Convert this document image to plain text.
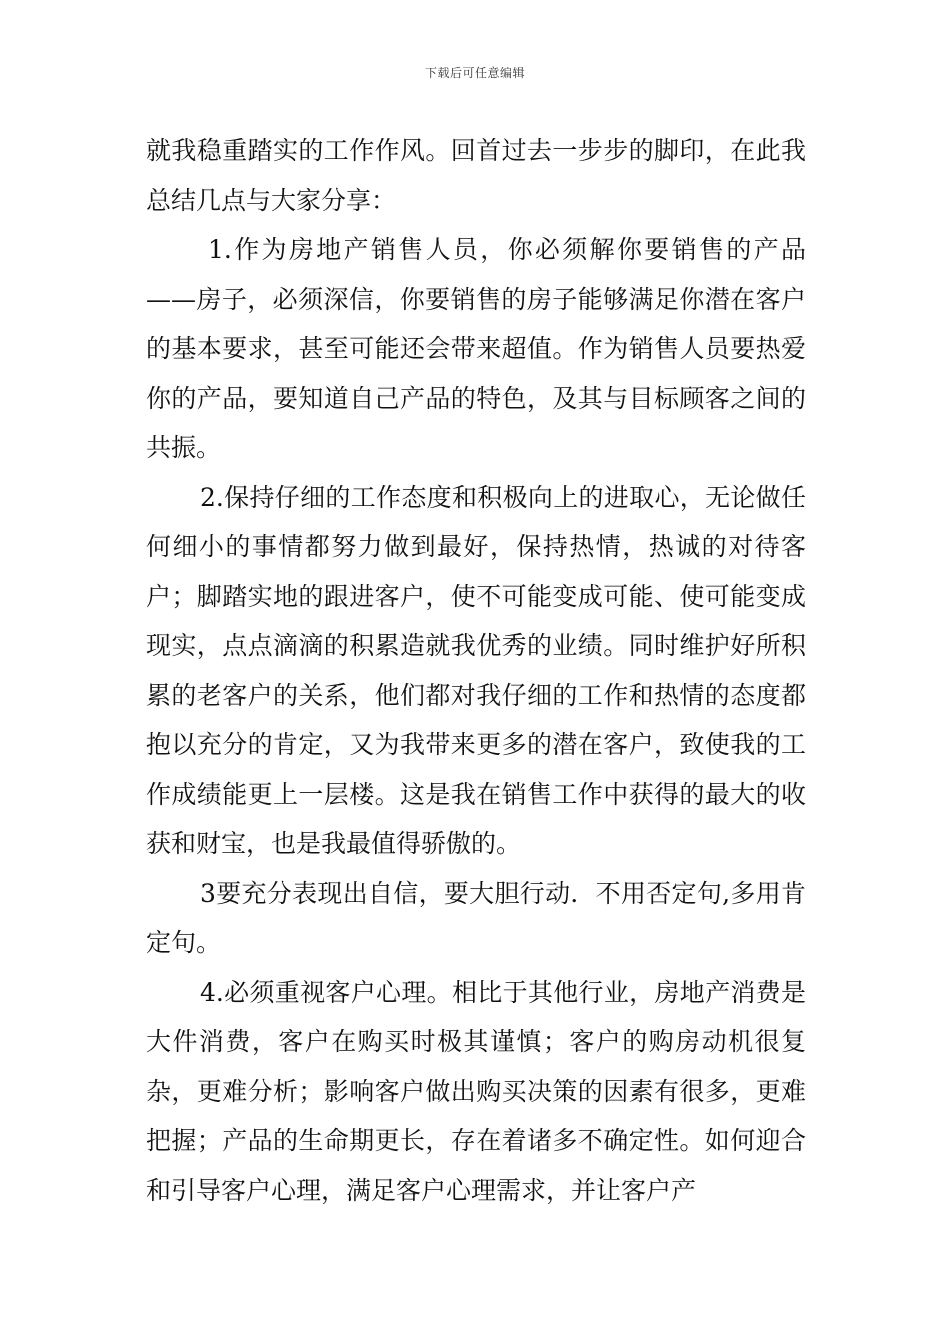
下载后可任意编辑

就我稳重踏实的工作作风。回首过去一步步的脚印，在此我总结几点与大家分享：

1.作为房地产销售人员，你必须解你要销售的产品——房子，必须深信，你要销售的房子能够满足你潜在客户的基本要求，甚至可能还会带来超值。作为销售人员要热爱你的产品，要知道自己产品的特色，及其与目标顾客之间的共振。

2.保持仔细的工作态度和积极向上的进取心，无论做任何细小的事情都努力做到最好，保持热情，热诚的对待客户；脚踏实地的跟进客户，使不可能变成可能、使可能变成现实，点点滴滴的积累造就我优秀的业绩。同时维护好所积累的老客户的关系，他们都对我仔细的工作和热情的态度都抱以充分的肯定，又为我带来更多的潜在客户，致使我的工作成绩能更上一层楼。这是我在销售工作中获得的最大的收获和财宝，也是我最值得骄傲的。

3要充分表现出自信，要大胆行动．不用否定句,多用肯定句。

4.必须重视客户心理。相比于其他行业，房地产消费是大件消费，客户在购买时极其谨慎；客户的购房动机很复杂，更难分析；影响客户做出购买决策的因素有很多，更难把握；产品的生命期更长，存在着诸多不确定性。如何迎合和引导客户心理，满足客户心理需求，并让客户产
